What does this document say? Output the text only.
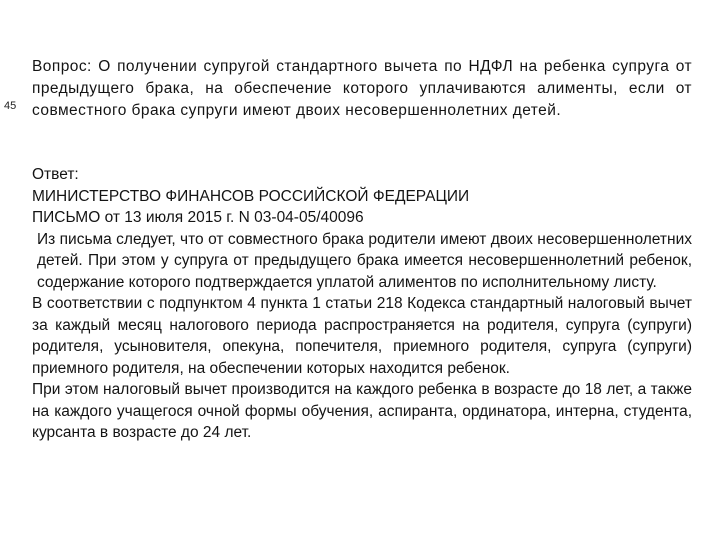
45
Вопрос: О получении супругой стандартного вычета по НДФЛ на ребенка супруга от предыдущего брака, на обеспечение которого уплачиваются алименты, если от совместного брака супруги имеют двоих несовершеннолетних детей.
Ответ:
МИНИСТЕРСТВО ФИНАНСОВ РОССИЙСКОЙ ФЕДЕРАЦИИ
ПИСЬМО от 13 июля 2015 г. N 03-04-05/40096

Из письма следует, что от совместного брака родители имеют двоих несовершеннолетних детей. При этом у супруга от предыдущего брака имеется несовершеннолетний ребенок, содержание которого подтверждается уплатой алиментов по исполнительному листу.

В соответствии с подпунктом 4 пункта 1 статьи 218 Кодекса стандартный налоговый вычет за каждый месяц налогового периода распространяется на родителя, супруга (супруги) родителя, усыновителя, опекуна, попечителя, приемного родителя, супруга (супруги) приемного родителя, на обеспечении которых находится ребенок.

При этом налоговый вычет производится на каждого ребенка в возрасте до 18 лет, а также на каждого учащегося очной формы обучения, аспиранта, ординатора, интерна, студента, курсанта в возрасте до 24 лет.
